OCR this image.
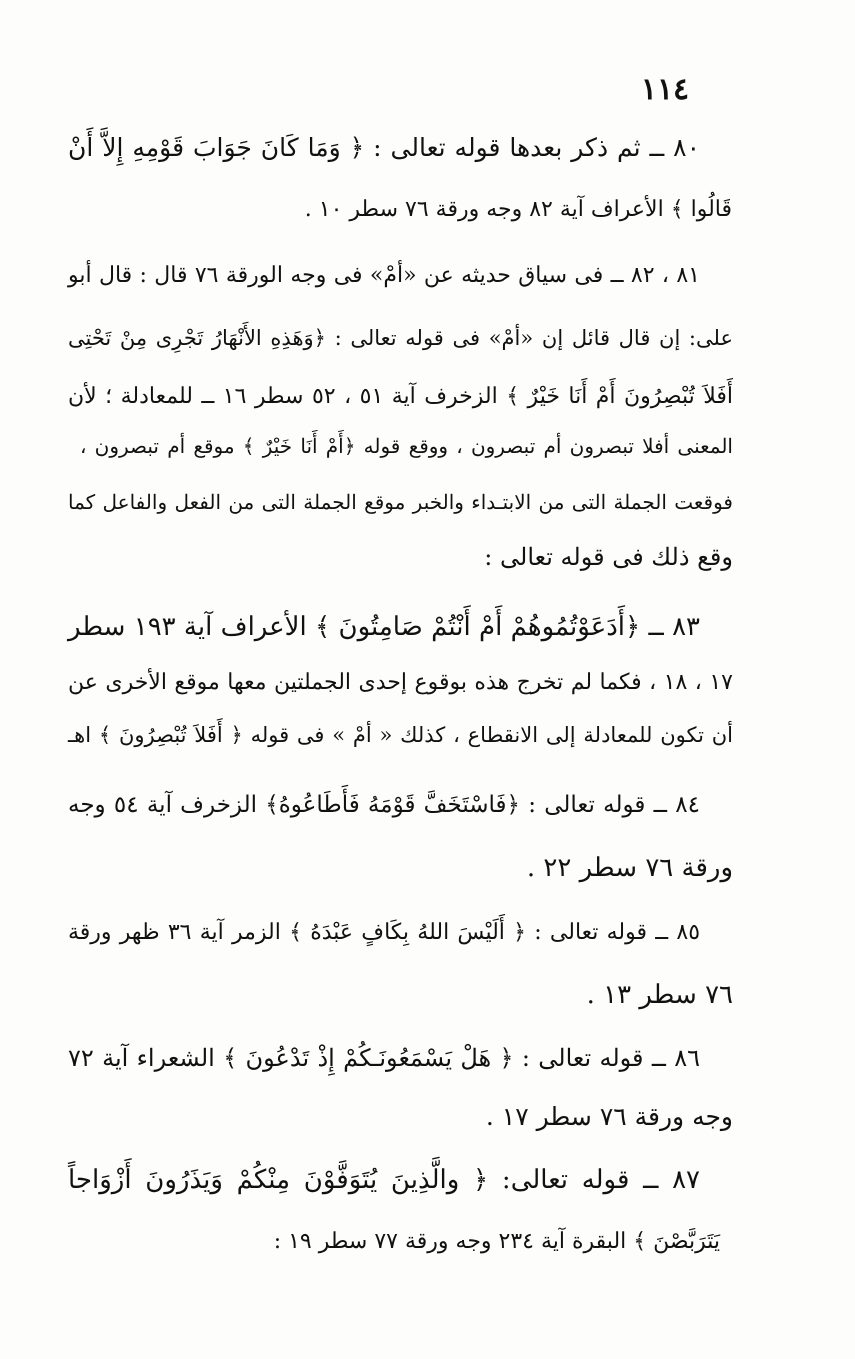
١١٤
٨٠ ــ ثم ذكر بعدها قوله تعالى : ﴿ وَمَا كَانَ جَوَابَ قَوْمِهِ إِلاَّ أَنْ
قَالُوا ﴾ الأعراف آية ٨٢ وجه ورقة ٧٦ سطر ١٠ .
٨١ ، ٨٢ ــ فى سياق حديثه عن «أمْ» فى وجه الورقة ٧٦ قال : قال أبو
على: إن قال قائل إن «أمْ» فى قوله تعالى : ﴿وَهَذِهِ الأَنْهَارُ تَجْرِى مِنْ تَحْتِى
أَفَلاَ تُبْصِرُونَ أَمْ أَنَا خَيْرٌ ﴾ الزخرف آية ٥١ ، ٥٢ سطر ١٦ ــ للمعادلة ؛ لأن
المعنى أفلا تبصرون أم تبصرون ، ووقع قوله ﴿أَمْ أَنَا خَيْرٌ ﴾ موقع أم تبصرون ،
فوقعت الجملة التى من الابتـداء والخبر موقع الجملة التى من الفعل والفاعل كما
وقع ذلك فى قوله تعالى :
٨٣ ــ ﴿أَدَعَوْتُمُوهُمْ أَمْ أَنْتُمْ صَامِتُونَ ﴾ الأعراف آية ١٩٣ سطر
١٧ ، ١٨ ، فكما لم تخرج هذه بوقوع إحدى الجملتين معها موقع الأخرى عن
أن تكون للمعادلة إلى الانقطاع ، كذلك « أمْ » فى قوله ﴿ أَفَلاَ تُبْصِرُونَ ﴾ اهـ
٨٤ ــ قوله تعالى : ﴿فَاسْتَخَفَّ قَوْمَهُ فَأَطَاعُوهُ﴾ الزخرف آية ٥٤ وجه
ورقة ٧٦ سطر ٢٢ .
٨٥ ــ قوله تعالى : ﴿ أَلَيْسَ اللهُ بِكَافٍ عَبْدَهُ ﴾ الزمر آية ٣٦ ظهر ورقة
٧٦ سطر ١٣ .
٨٦ ــ قوله تعالى : ﴿ هَلْ يَسْمَعُونَـكُمْ إِذْ تَدْعُونَ ﴾ الشعراء آية ٧٢
وجه ورقة ٧٦ سطر ١٧ .
٨٧ ــ قوله تعالى: ﴿ والَّذِينَ يُتَوَفَّوْنَ مِنْكُمْ وَيَذَرُونَ أَزْوَاجاً
يَتَرَبَّصْنَ ﴾ البقرة آية ٢٣٤ وجه ورقة ٧٧ سطر ١٩ :
